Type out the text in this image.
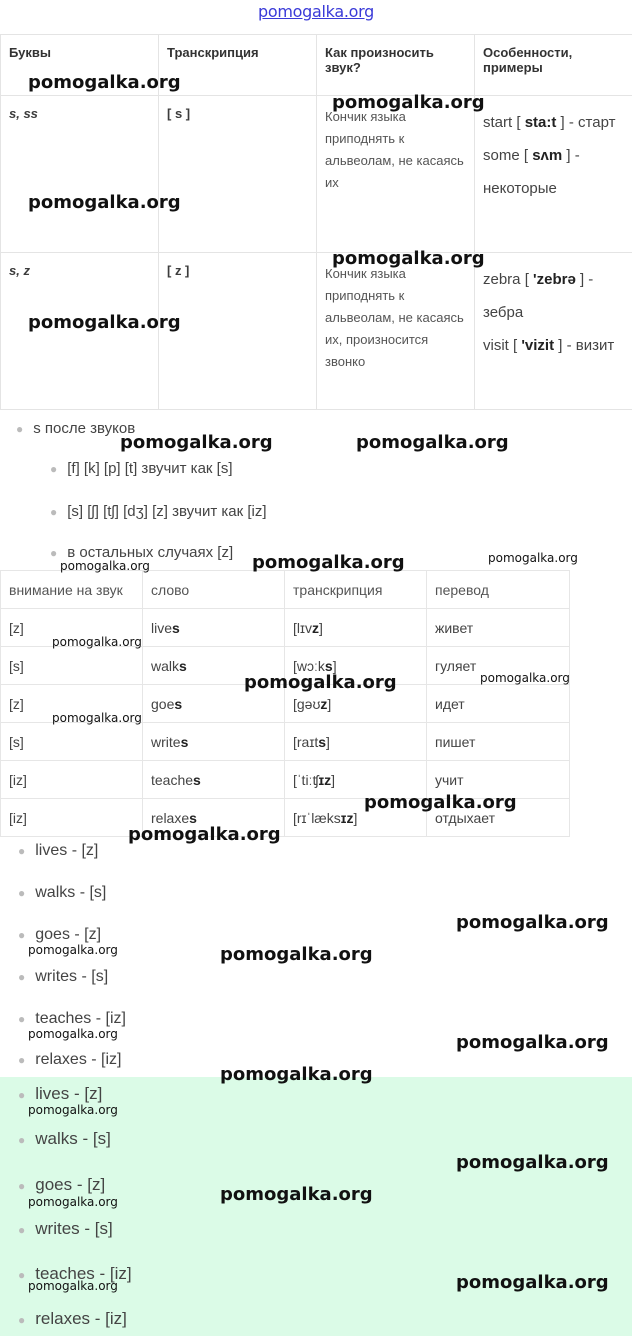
pomogalka.org
Буквы	Транскрипция	Как произносить звук?	Особенности, примеры
s, ss	[ s ]	Кончик языка приподнять к альвеолам, не касаясь их	start [ sta:t ] - старт
some [ sʌm ] - некоторые

s, z	[ z ]	Кончик языка приподнять к альвеолам, не касаясь их, произносится звонко	zebra [ 'zebrə ] - зебра
visit [ 'vizit ] - визит
● s после звуков
● [f] [k] [p] [t] звучит как [s]
● [s] [ʃ] [tʃ] [dʒ] [z] звучит как [iz]
● в остальных случаях [z]
внимание на звук	слово	транскрипция	перевод
[z]	lives	[lɪvz]	живет
[s]	walks	[wɔːks]	гуляет
[z]	goes	[gəʊz]	идет
[s]	writes	[raɪts]	пишет
[iz]	teaches	[ˈtiːʧɪz]	учит
[iz]	relaxes	[rɪˈlæksɪz]	отдыхает
● lives - [z]
● walks - [s]
● goes - [z]
● writes - [s]
● teaches - [iz]
● relaxes - [iz]
● lives - [z]
● walks - [s]
● goes - [z]
● writes - [s]
● teaches - [iz]
● relaxes - [iz]
pomogalka.org
pomogalka.org
pomogalka.org
pomogalka.org
pomogalka.org
pomogalka.org	pomogalka.org
pomogalka.org
pomogalka.org
pomogalka.org
pomogalka.org
pomogalka.org	pomogalka.org
pomogalka.org
pomogalka.org
pomogalka.org
pomogalka.org
pomogalka.org	pomogalka.org
pomogalka.org	pomogalka.org
pomogalka.org
pomogalka.org
pomogalka.org
pomogalka.org
pomogalka.org
pomogalka.org
pomogalka.org
